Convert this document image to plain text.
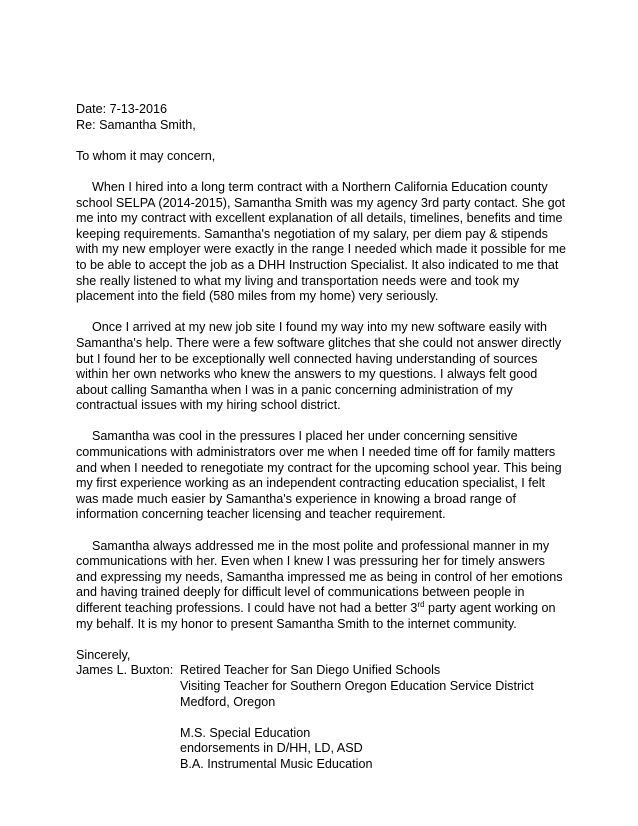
Date: 7-13-2016
Re: Samantha Smith,
To whom it may concern,

When I hired into a long term contract with a Northern California Education county school SELPA (2014-2015), Samantha Smith was my agency 3rd party contact. She got me into my contract with excellent explanation of all details, timelines, benefits and time keeping requirements. Samantha's negotiation of my salary, per diem pay & stipends with my new employer were exactly in the range I needed which made it possible for me to be able to accept the job as a DHH Instruction Specialist. It also indicated to me that she really listened to what my living and transportation needs were and took my placement into the field (580 miles from my home) very seriously.

Once I arrived at my new job site I found my way into my new software easily with Samantha's help. There were a few software glitches that she could not answer directly but I found her to be exceptionally well connected having understanding of sources within her own networks who knew the answers to my questions. I always felt good about calling Samantha when I was in a panic concerning administration of my contractual issues with my hiring school district.

Samantha was cool in the pressures I placed her under concerning sensitive communications with administrators over me when I needed time off for family matters and when I needed to renegotiate my contract for the upcoming school year. This being my first experience working as an independent contracting education specialist, I felt was made much easier by Samantha's experience in knowing a broad range of information concerning teacher licensing and teacher requirement.

Samantha always addressed me in the most polite and professional manner in my communications with her. Even when I knew I was pressuring her for timely answers and expressing my needs, Samantha impressed me as being in control of her emotions and having trained deeply for difficult level of communications between people in different teaching professions. I could have not had a better 3rd party agent working on my behalf. It is my honor to present Samantha Smith to the internet community.

Sincerely,
James L. Buxton: Retired Teacher for San Diego Unified Schools
Visiting Teacher for Southern Oregon Education Service District
Medford, Oregon
M.S. Special Education
endorsements in D/HH, LD, ASD
B.A. Instrumental Music Education
